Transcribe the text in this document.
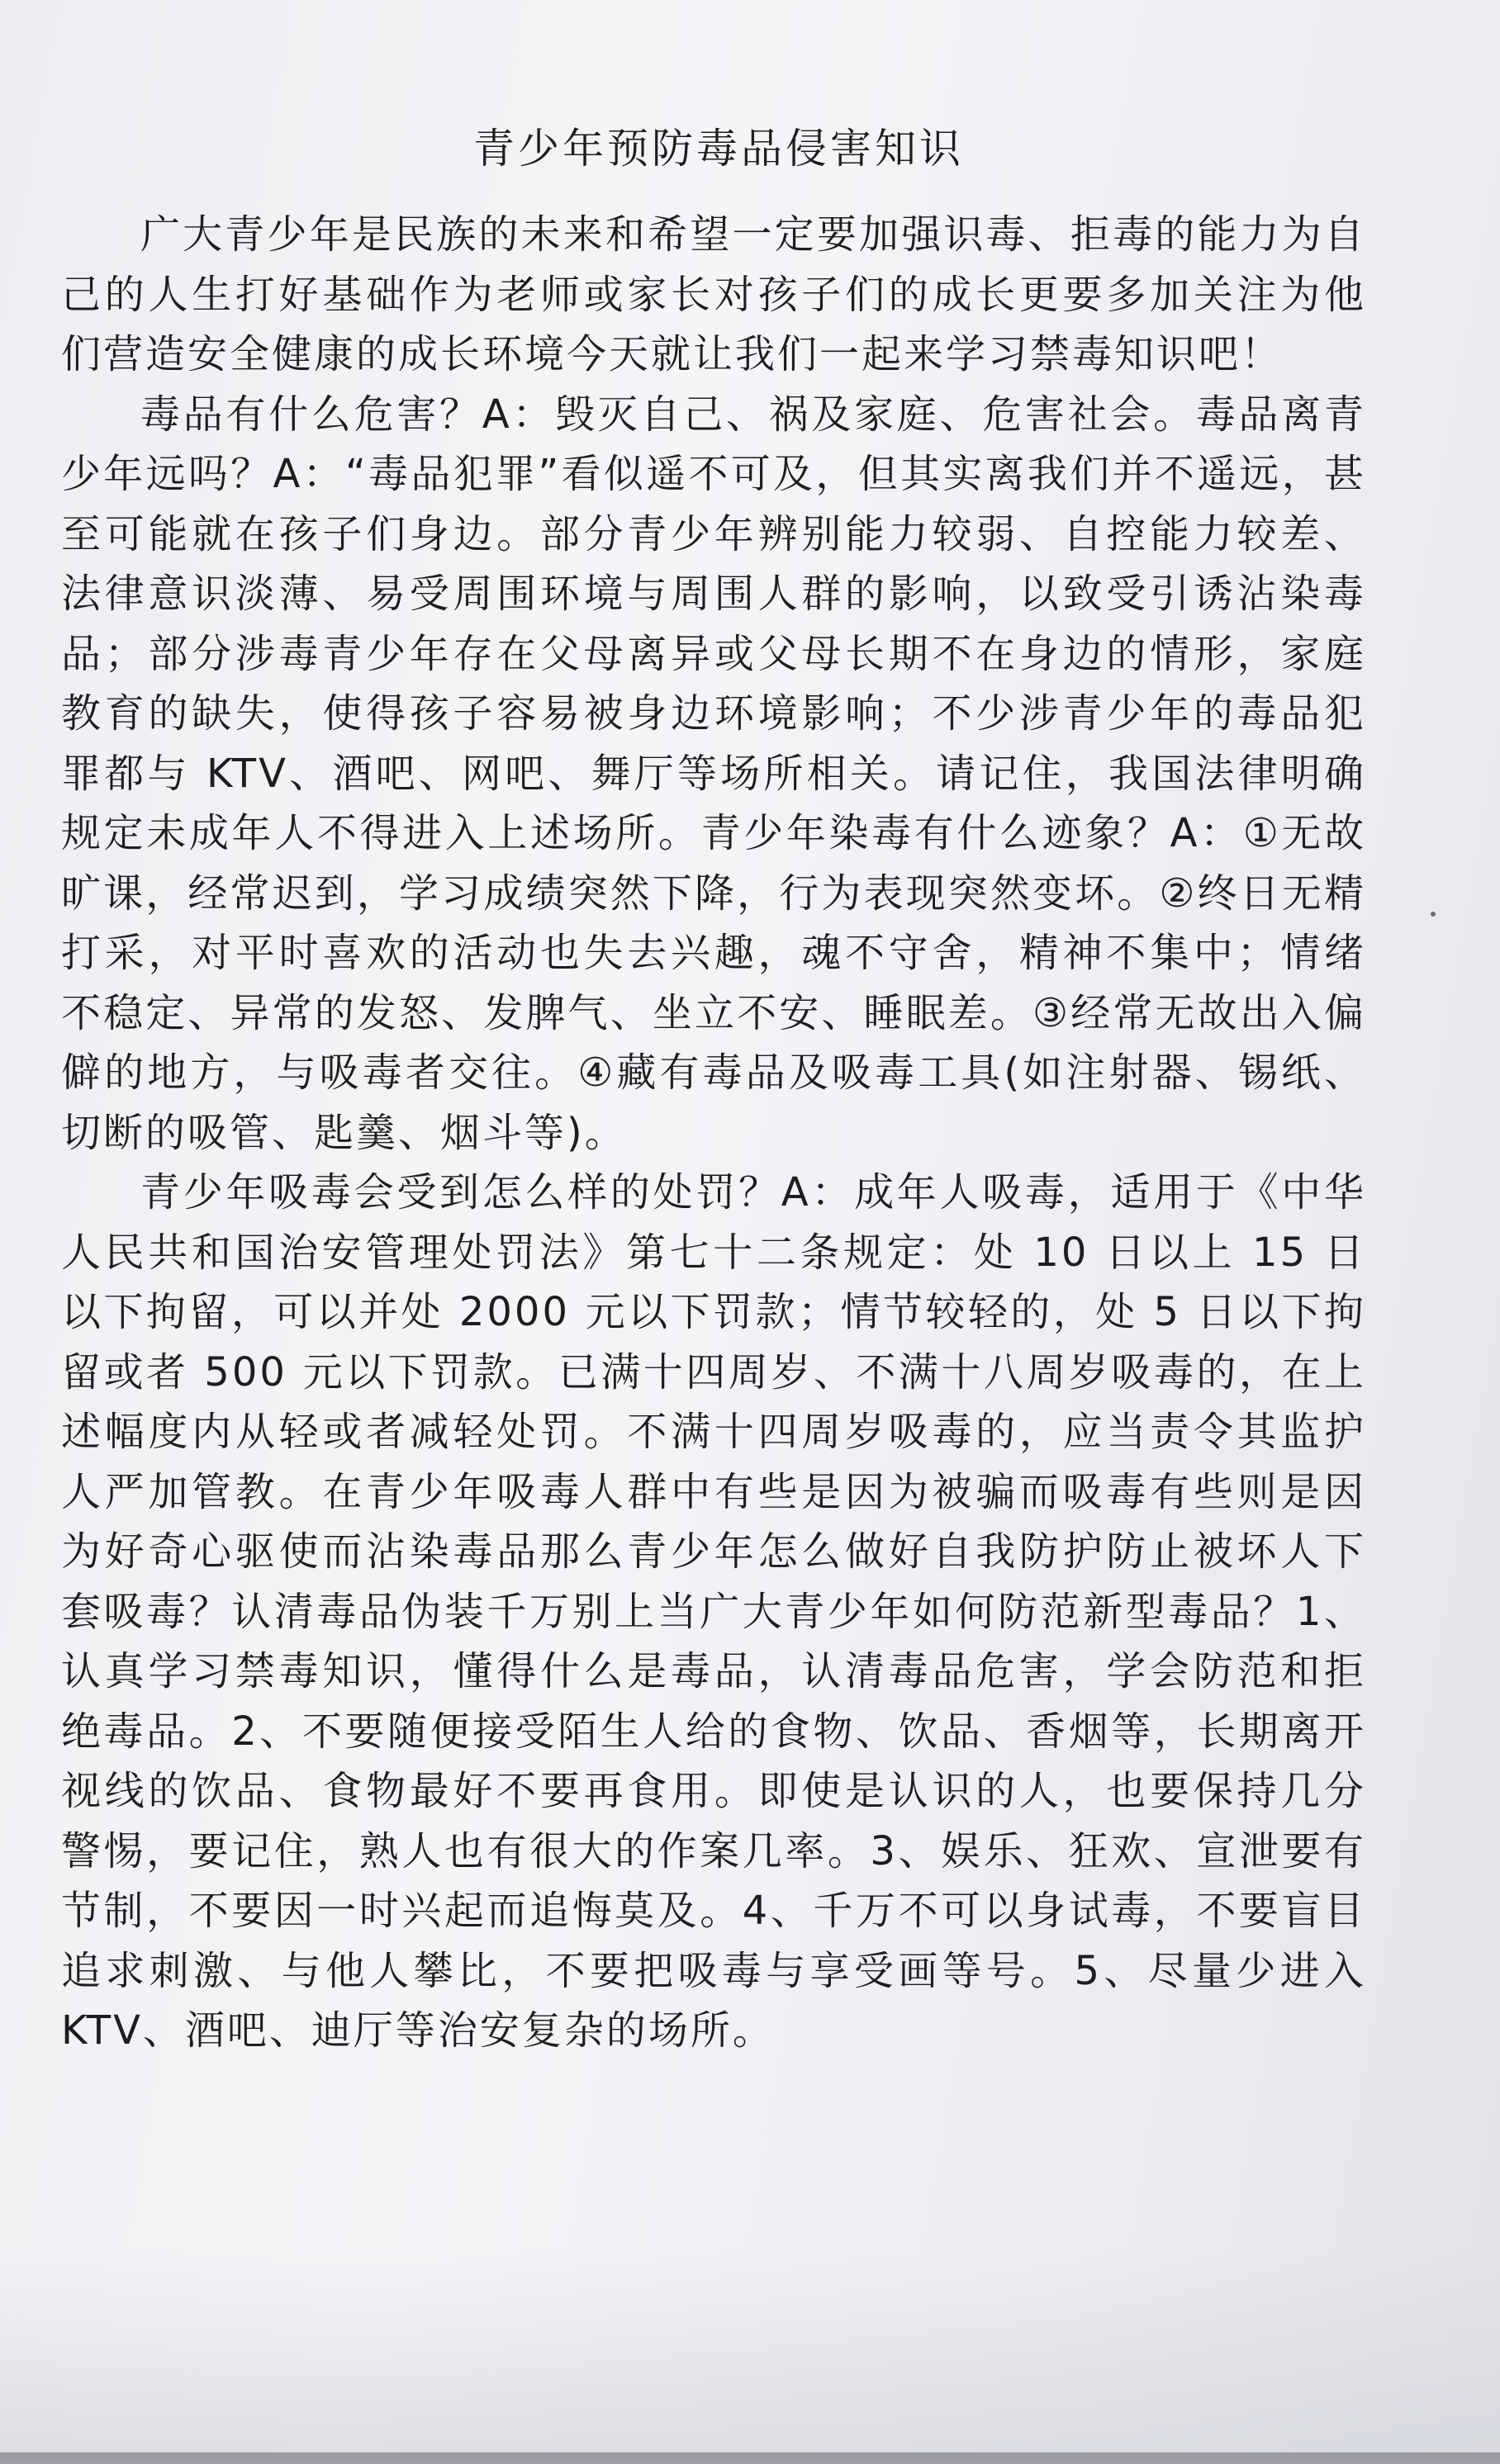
青少年预防毒品侵害知识

广大青少年是民族的未来和希望一定要加强识毒、拒毒的能力为自己的人生打好基础作为老师或家长对孩子们的成长更要多加关注为他们营造安全健康的成长环境今天就让我们一起来学习禁毒知识吧！

毒品有什么危害？A：毁灭自己、祸及家庭、危害社会。毒品离青少年远吗？A：“毒品犯罪”看似遥不可及，但其实离我们并不遥远，甚至可能就在孩子们身边。部分青少年辨别能力较弱、自控能力较差、法律意识淡薄、易受周围环境与周围人群的影响，以致受引诱沾染毒品；部分涉毒青少年存在父母离异或父母长期不在身边的情形，家庭教育的缺失，使得孩子容易被身边环境影响；不少涉青少年的毒品犯罪都与 KTV、酒吧、网吧、舞厅等场所相关。请记住，我国法律明确规定未成年人不得进入上述场所。青少年染毒有什么迹象？A：①无故旷课，经常迟到，学习成绩突然下降，行为表现突然变坏。②终日无精打采，对平时喜欢的活动也失去兴趣，魂不守舍，精神不集中；情绪不稳定、异常的发怒、发脾气、坐立不安、睡眠差。③经常无故出入偏僻的地方，与吸毒者交往。④藏有毒品及吸毒工具(如注射器、锡纸、切断的吸管、匙羹、烟斗等)。

青少年吸毒会受到怎么样的处罚？A：成年人吸毒，适用于《中华人民共和国治安管理处罚法》第七十二条规定：处 10 日以上 15 日以下拘留，可以并处 2000 元以下罚款；情节较轻的，处 5 日以下拘留或者 500 元以下罚款。已满十四周岁、不满十八周岁吸毒的，在上述幅度内从轻或者减轻处罚。不满十四周岁吸毒的，应当责令其监护人严加管教。在青少年吸毒人群中有些是因为被骗而吸毒有些则是因为好奇心驱使而沾染毒品那么青少年怎么做好自我防护防止被坏人下套吸毒？认清毒品伪装千万别上当广大青少年如何防范新型毒品？1、认真学习禁毒知识，懂得什么是毒品，认清毒品危害，学会防范和拒绝毒品。2、不要随便接受陌生人给的食物、饮品、香烟等，长期离开视线的饮品、食物最好不要再食用。即使是认识的人，也要保持几分警惕，要记住，熟人也有很大的作案几率。3、娱乐、狂欢、宣泄要有节制，不要因一时兴起而追悔莫及。4、千万不可以身试毒，不要盲目追求刺激、与他人攀比，不要把吸毒与享受画等号。5、尽量少进入 KTV、酒吧、迪厅等治安复杂的场所。
